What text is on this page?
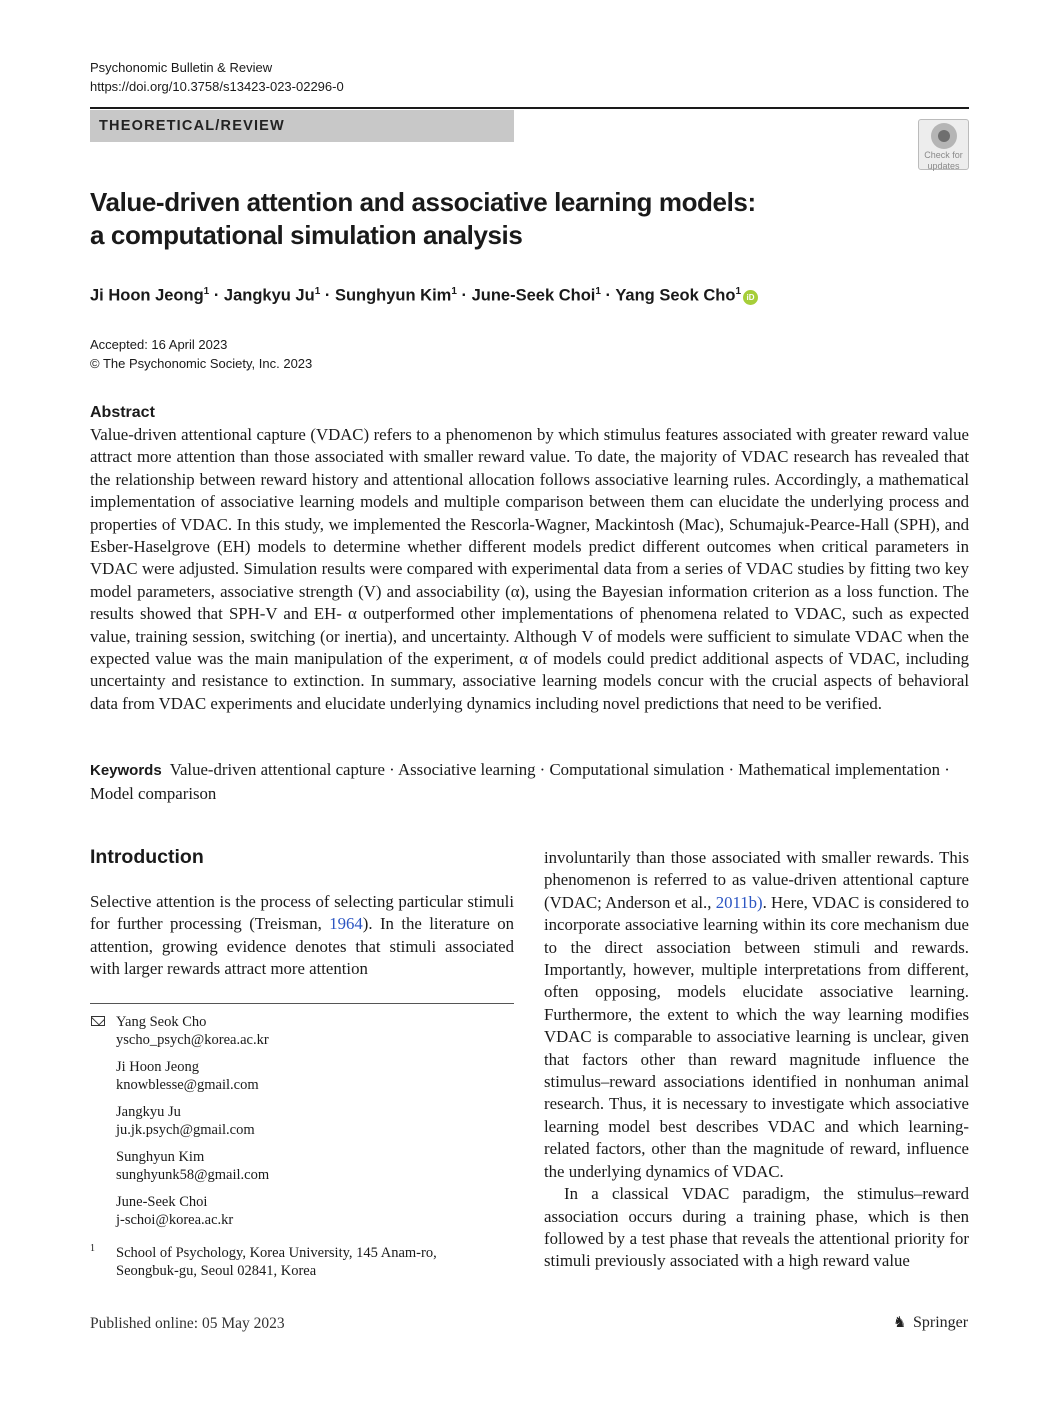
Psychonomic Bulletin & Review
https://doi.org/10.3758/s13423-023-02296-0
THEORETICAL/REVIEW
Check for
updates
Value-driven attention and associative learning models:
a computational simulation analysis
Ji Hoon Jeong$^1$ · Jangkyu $Ju^1$ · Sunghyun Kim$^1$ · June-Seek Choi$^1$ · Yang Seok Cho$^1$ iD
Accepted: 16 April 2023
© The Psychonomic Society, Inc. 2023
Abstract
Value-driven attentional capture (VDAC) refers to a phenomenon by which stimulus features associated with greater reward value attract more attention than those associated with smaller reward value. To date, the majority of VDAC research has revealed that the relationship between reward history and attentional allocation follows associative learning rules. Accordingly, a mathematical implementation of associative learning models and multiple comparison between them can elucidate the underlying process and properties of VDAC. In this study, we implemented the Rescorla-Wagner, Mackintosh (Mac), Schumajuk-Pearce-Hall (SPH), and Esber-Haselgrove (EH) models to determine whether different models predict different outcomes when critical parameters in VDAC were adjusted. Simulation results were compared with experimental data from a series of VDAC studies by fitting two key model parameters, associative strength (V) and associability (α), using the Bayesian information criterion as a loss function. The results showed that SPH-V and EH- α outperformed other implementations of phenomena related to VDAC, such as expected value, training session, switching (or inertia), and uncertainty. Although V of models were sufficient to simulate VDAC when the expected value was the main manipulation of the experiment, α of models could predict additional aspects of VDAC, including uncertainty and resistance to extinction. In summary, associative learning models concur with the crucial aspects of behavioral data from VDAC experiments and elucidate underlying dynamics including novel predictions that need to be verified.
Keywords Value-driven attentional capture · Associative learning · Computational simulation · Mathematical implementation · Model comparison
Introduction

Selective attention is the process of selecting particular stimuli for further processing (Treisman, 1964). In the literature on attention, growing evidence denotes that stimuli associated with larger rewards attract more attention

involuntarily than those associated with smaller rewards. This phenomenon is referred to as value-driven attentional capture (VDAC; Anderson et al., 2011b). Here, VDAC is considered to incorporate associative learning within its core mechanism due to the direct association between stimuli and rewards. Importantly, however, multiple interpretations from different, often opposing, models elucidate associative learning. Furthermore, the extent to which the way learning modifies VDAC is comparable to associative learning is unclear, given that factors other than reward magnitude influence the stimulus–reward associations identified in nonhuman animal research. Thus, it is necessary to investigate which associative learning model best describes VDAC and which learning-related factors, other than the magnitude of reward, influence the underlying dynamics of VDAC.

In a classical VDAC paradigm, the stimulus–reward association occurs during a training phase, which is then followed by a test phase that reveals the attentional priority for stimuli previously associated with a high reward value

Yang Seok Cho
yscho_psych@korea.ac.kr
Ji Hoon Jeong
knowblesse@gmail.com
Jangkyu Ju
ju.jk.psych@gmail.com
Sunghyun Kim
sunghyunk58@gmail.com
June-Seek Choi
j-schoi@korea.ac.kr
1 School of Psychology, Korea University, 145 Anam-ro,
Seongbuk-gu, Seoul 02841, Korea
Published online: 05 May 2023	♞ Springer
